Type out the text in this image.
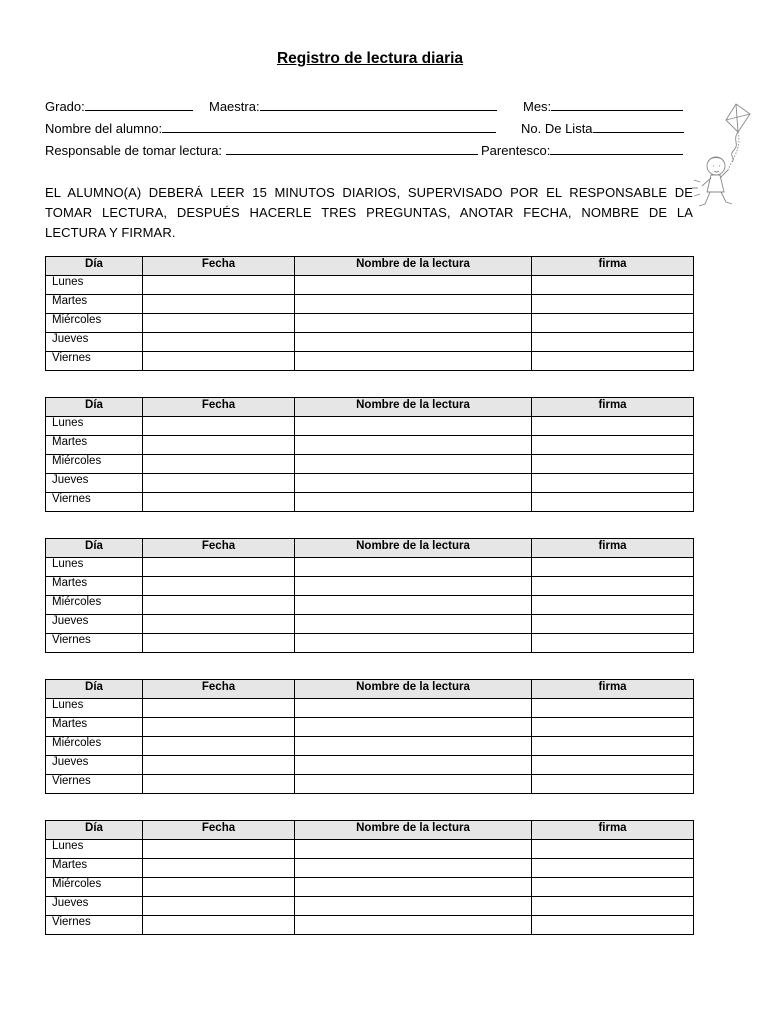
Registro de lectura diaria
Grado:	Maestra:	Mes:
Nombre del alumno:	No. De Lista
Responsable de tomar lectura:	Parentesco:
EL ALUMNO(A) DEBERÁ LEER 15 MINUTOS DIARIOS, SUPERVISADO POR EL RESPONSABLE DE TOMAR LECTURA, DESPUÉS HACERLE TRES PREGUNTAS, ANOTAR FECHA, NOMBRE DE LA LECTURA Y FIRMAR.
Día	Fecha	Nombre de la lectura	firma
Lunes			
Martes			
Miércoles			
Jueves			
Viernes			
Día	Fecha	Nombre de la lectura	firma
Lunes			
Martes			
Miércoles			
Jueves			
Viernes			
Día	Fecha	Nombre de la lectura	firma
Lunes			
Martes			
Miércoles			
Jueves			
Viernes			
Día	Fecha	Nombre de la lectura	firma
Lunes			
Martes			
Miércoles			
Jueves			
Viernes			
Día	Fecha	Nombre de la lectura	firma
Lunes			
Martes			
Miércoles			
Jueves			
Viernes			
